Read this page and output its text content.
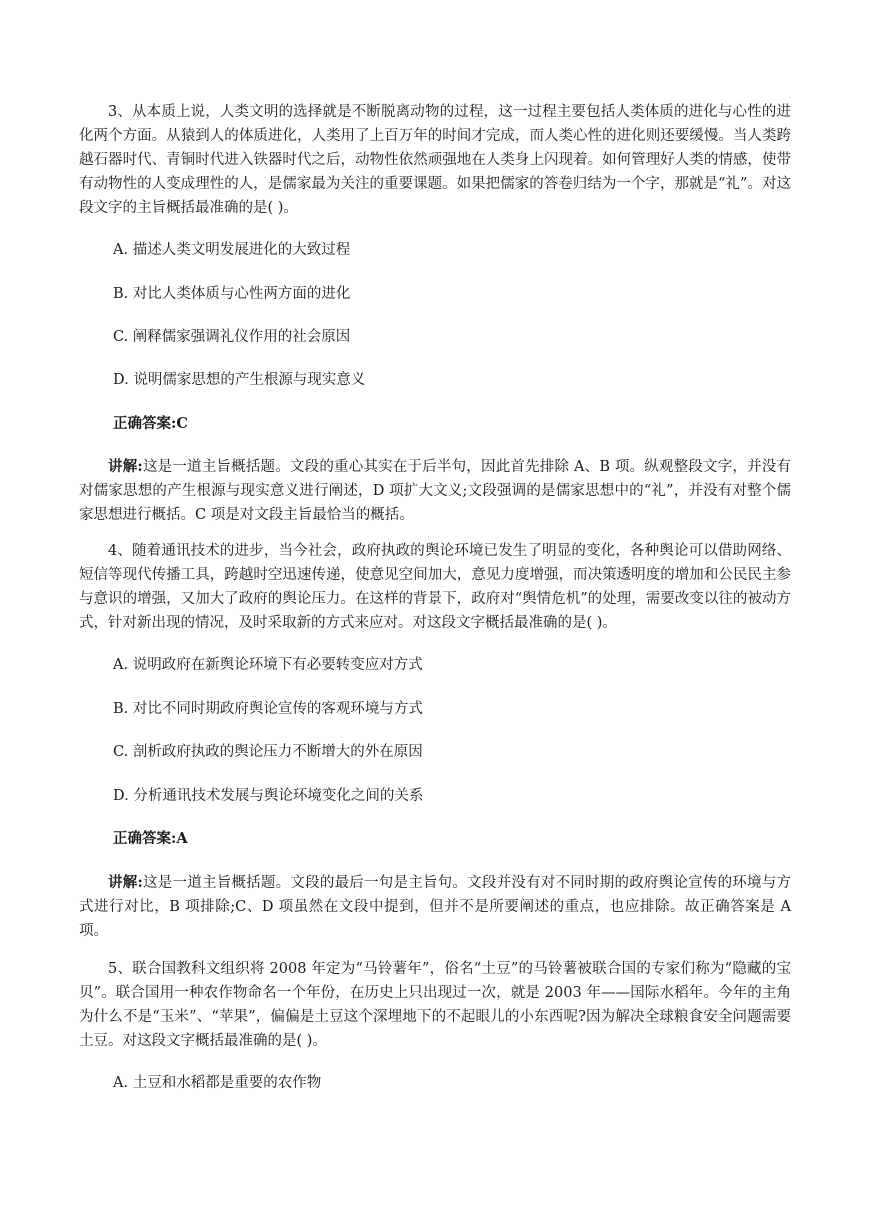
3、从本质上说，人类文明的选择就是不断脱离动物的过程，这一过程主要包括人类体质的进化与心性的进化两个方面。从猿到人的体质进化，人类用了上百万年的时间才完成，而人类心性的进化则还要缓慢。当人类跨越石器时代、青铜时代进入铁器时代之后，动物性依然顽强地在人类身上闪现着。如何管理好人类的情感，使带有动物性的人变成理性的人，是儒家最为关注的重要课题。如果把儒家的答卷归结为一个字，那就是“礼”。对这段文字的主旨概括最准确的是( )。

A. 描述人类文明发展进化的大致过程

B. 对比人类体质与心性两方面的进化

C. 阐释儒家强调礼仪作用的社会原因

D. 说明儒家思想的产生根源与现实意义

正确答案:C

讲解:这是一道主旨概括题。文段的重心其实在于后半句，因此首先排除 A、B 项。纵观整段文字，并没有对儒家思想的产生根源与现实意义进行阐述，D 项扩大文义;文段强调的是儒家思想中的“礼”，并没有对整个儒家思想进行概括。C 项是对文段主旨最恰当的概括。

4、随着通讯技术的进步，当今社会，政府执政的舆论环境已发生了明显的变化，各种舆论可以借助网络、短信等现代传播工具，跨越时空迅速传递，使意见空间加大，意见力度增强，而决策透明度的增加和公民民主参与意识的增强，又加大了政府的舆论压力。在这样的背景下，政府对“舆情危机”的处理，需要改变以往的被动方式，针对新出现的情况，及时采取新的方式来应对。对这段文字概括最准确的是( )。

A. 说明政府在新舆论环境下有必要转变应对方式

B. 对比不同时期政府舆论宣传的客观环境与方式

C. 剖析政府执政的舆论压力不断增大的外在原因

D. 分析通讯技术发展与舆论环境变化之间的关系

正确答案:A

讲解:这是一道主旨概括题。文段的最后一句是主旨句。文段并没有对不同时期的政府舆论宣传的环境与方式进行对比，B 项排除;C、D 项虽然在文段中提到，但并不是所要阐述的重点，也应排除。故正确答案是 A 项。

5、联合国教科文组织将 2008 年定为“马铃薯年”，俗名“土豆”的马铃薯被联合国的专家们称为“隐藏的宝贝”。联合国用一种农作物命名一个年份，在历史上只出现过一次，就是 2003 年——国际水稻年。今年的主角为什么不是“玉米”、“苹果”，偏偏是土豆这个深埋地下的不起眼儿的小东西呢?因为解决全球粮食安全问题需要土豆。对这段文字概括最准确的是( )。

A. 土豆和水稻都是重要的农作物
